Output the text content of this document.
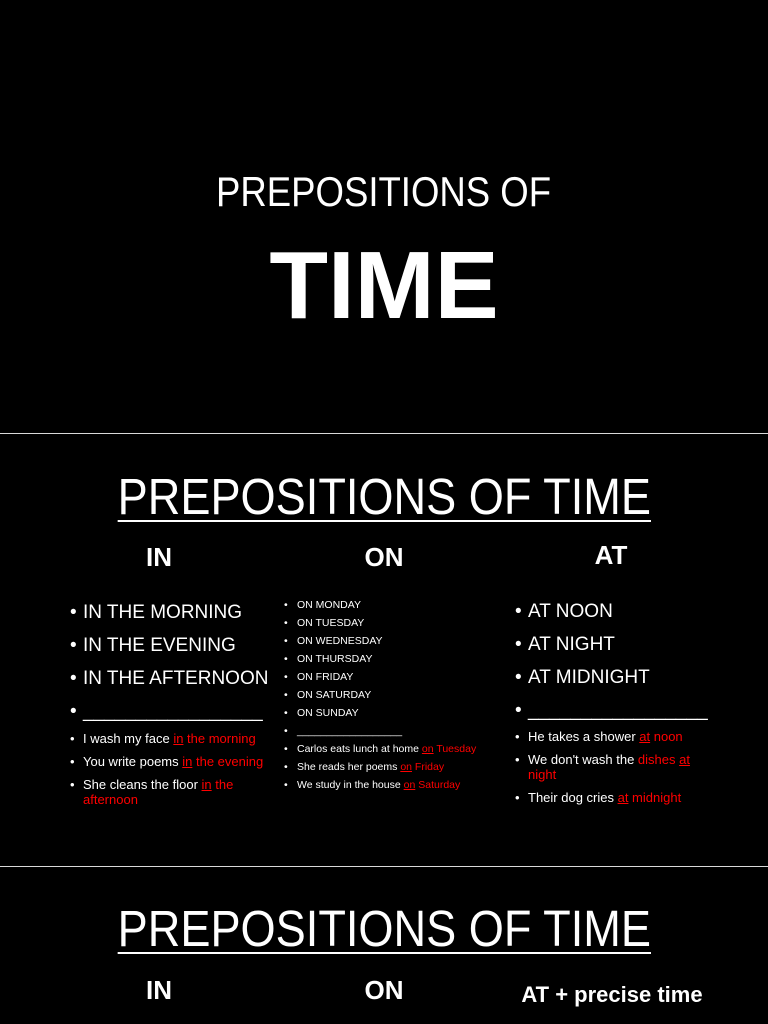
PREPOSITIONS OF
TIME
PREPOSITIONS OF TIME
IN	ON	AT
• IN THE MORNING
• IN THE EVENING
• IN THE AFTERNOON
• _________________
• I wash my face in the morning
• You write poems in the evening
• She cleans the floor in the afternoon
• ON MONDAY
• ON TUESDAY
• ON WEDNESDAY
• ON THURSDAY
• ON FRIDAY
• ON SATURDAY
• ON SUNDAY
• __________________
• Carlos eats lunch at home on Tuesday
• She reads her poems on Friday
• We study in the house on Saturday
• AT NOON
• AT NIGHT
• AT MIDNIGHT
• _________________
• He takes a shower at noon
• We don't wash the dishes at night
• Their dog cries at midnight
PREPOSITIONS OF TIME
IN	ON	AT + precise time
